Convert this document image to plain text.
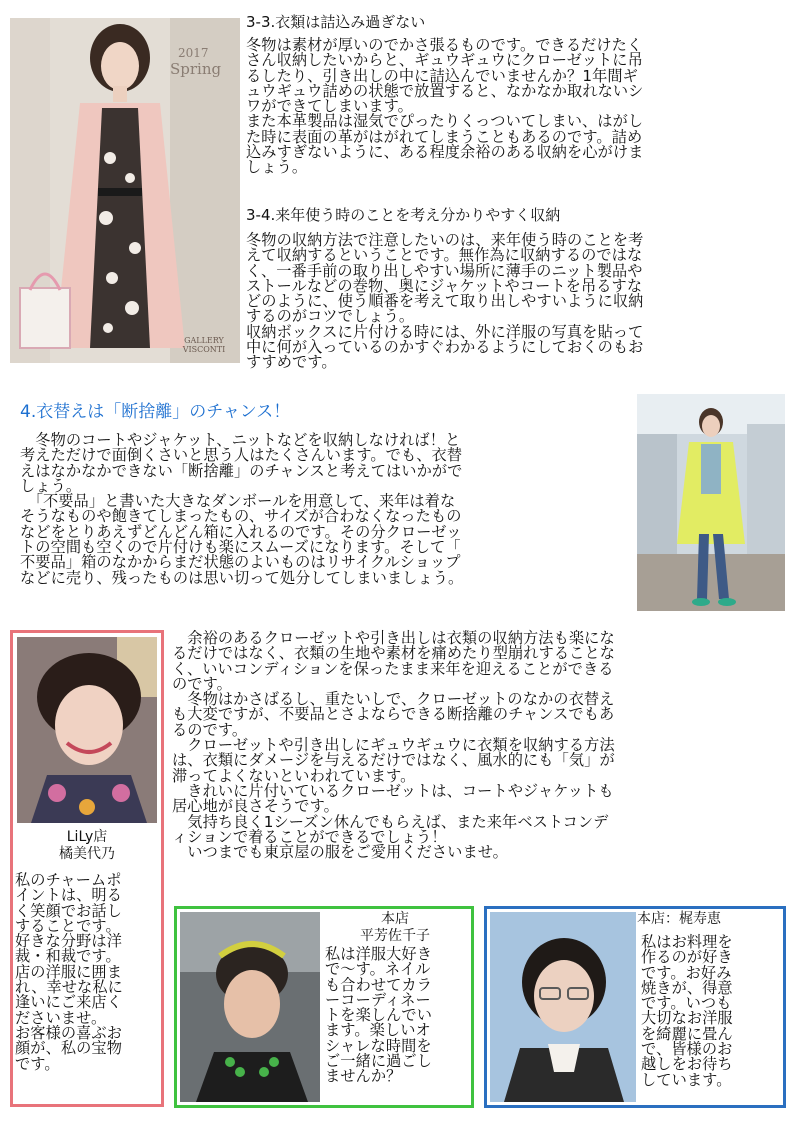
2017
Spring
GALLERY VISCONTI

3-3.衣類は詰込み過ぎない

冬物は素材が厚いのでかさ張るものです。できるだけたく
さん収納したいからと、ギュウギュウにクローゼットに吊
るしたり、引き出しの中に詰込んでいませんか？1年間ギ
ュウギュウ詰めの状態で放置すると、なかなか取れないシ
ワができてしまいます。
また本革製品は湿気でぴったりくっついてしまい、はがし
た時に表面の革がはがれてしまうこともあるのです。詰め
込みすぎないように、ある程度余裕のある収納を心がけま
しょう。

3-4.来年使う時のことを考え分かりやすく収納

冬物の収納方法で注意したいのは、来年使う時のことを考
えて収納するということです。無作為に収納するのではな
く、一番手前の取り出しやすい場所に薄手のニット製品や
ストールなどの巻物、奥にジャケットやコートを吊るすな
どのように、使う順番を考えて取り出しやすいように収納
するのがコツでしょう。
収納ボックスに片付ける時には、外に洋服の写真を貼って
中に何が入っているのかすぐわかるようにしておくのもお
すすめです。

4.衣替えは「断捨離」のチャンス！

　冬物のコートやジャケット、ニットなどを収納しなければ！と
考えただけで面倒くさいと思う人はたくさんいます。でも、衣替
えはなかなかできない「断捨離」のチャンスと考えてはいかがで
しょう。
　「不要品」と書いた大きなダンボールを用意して、来年は着な
そうなものや飽きてしまったもの、サイズが合わなくなったもの
などをとりあえずどんどん箱に入れるのです。その分クローゼッ
トの空間も空くので片付けも楽にスムーズになります。そして「
不要品」箱のなかからまだ状態のよいものはリサイクルショップ
などに売り、残ったものは思い切って処分してしまいましょう。

　余裕のあるクローゼットや引き出しは衣類の収納方法も楽にな
るだけではなく、衣類の生地や素材を痛めたり型崩れすることな
く、いいコンディションを保ったまま来年を迎えることができる
のです。
　冬物はかさばるし、重たいしで、クローゼットのなかの衣替え
も大変ですが、不要品とさよならできる断捨離のチャンスでもあ
るのです。
　クローゼットや引き出しにギュウギュウに衣類を収納する方法
は、衣類にダメージを与えるだけではなく、風水的にも「気」が
滞ってよくないといわれています。
　きれいに片付いているクローゼットは、コートやジャケットも
居心地が良さそうです。
　気持ち良く1シーズン休んでもらえば、また来年ベストコンデ
ィションで着ることができるでしょう！
　いつまでも東京屋の服をご愛用くださいませ。

LiLy店
橘美代乃

私のチャームポ
イントは、明る
く笑顔でお話し
することです。
好きな分野は洋
裁・和裁です。
店の洋服に囲ま
れ、幸せな私に
逢いにご来店く
ださいませ。
お客様の喜ぶお
顔が、私の宝物
です。

本店
平芳佐千子

私は洋服大好き
で～す。ネイル
も合わせてカラ
ーコーディネー
トを楽しんでい
ます。楽しいオ
シャレな時間を
ご一緒に過ごし
ませんか？

本店：梶寿恵

私はお料理を
作るのが好き
です。お好み
焼きが、得意
です。いつも
大切なお洋服
を綺麗に畳ん
で、皆様のお
越しをお待ち
しています。
